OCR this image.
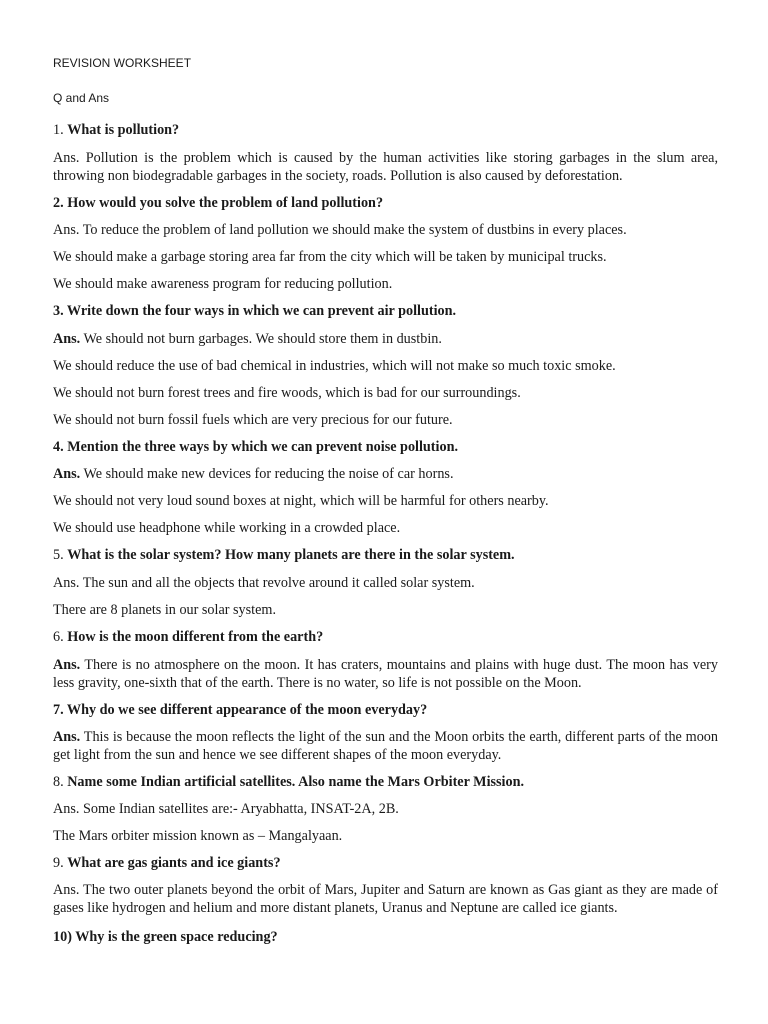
REVISION WORKSHEET
Q and Ans
1. What is pollution?
Ans. Pollution is the problem which is caused by the human activities like storing garbages in the slum area, throwing non biodegradable garbages in the society, roads. Pollution is also caused by deforestation.
2. How would you solve the problem of land pollution?
Ans. To reduce the problem of land pollution we should make the system of dustbins in every places.
We should make a garbage storing area far from the city which will be taken by municipal trucks.
We should make awareness program for reducing pollution.
3. Write down the four ways in which we can prevent air pollution.
Ans. We should not burn garbages. We should store them in dustbin.
We should reduce the use of bad chemical in industries, which will not make so much toxic smoke.
We should not burn forest trees and fire woods, which is bad for our surroundings.
We should not burn fossil fuels which are very precious for our future.
4. Mention the three ways by which we can prevent noise pollution.
Ans. We should make new devices for reducing the noise of car horns.
We should not very loud sound boxes at night, which will be harmful for others nearby.
We should use headphone while working in a crowded place.
5. What is the solar system? How many planets are there in the solar system.
Ans. The sun and all the objects that revolve around it called solar system.
There are 8 planets in our solar system.
6. How is the moon different from the earth?
Ans. There is no atmosphere on the moon. It has craters, mountains and plains with huge dust. The moon has very less gravity, one-sixth that of the earth. There is no water, so life is not possible on the Moon.
7. Why do we see different appearance of the moon everyday?
Ans. This is because the moon reflects the light of the sun and the Moon orbits the earth, different parts of the moon get light from the sun and hence we see different shapes of the moon everyday.
8. Name some Indian artificial satellites. Also name the Mars Orbiter Mission.
Ans. Some Indian satellites are:- Aryabhatta, INSAT-2A, 2B.
The Mars orbiter mission known as – Mangalyaan.
9. What are gas giants and ice giants?
Ans. The two outer planets beyond the orbit of Mars, Jupiter and Saturn are known as Gas giant as they are made of gases like hydrogen and helium and more distant planets, Uranus and Neptune are called ice giants.
10) Why is the green space reducing?
